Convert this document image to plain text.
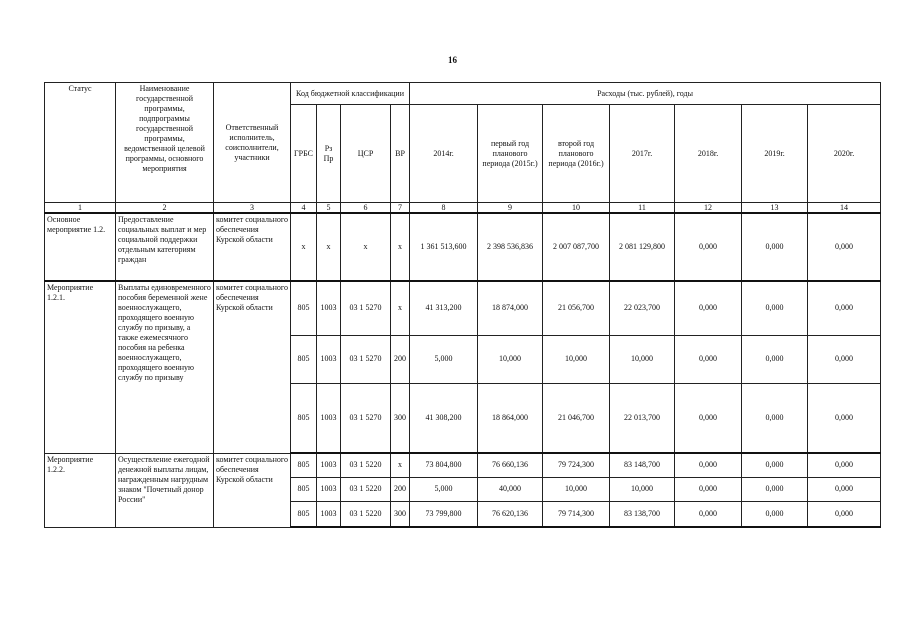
16
Статус	Наименование государственной программы, подпрограммы государственной программы, ведомственной целевой программы, основного мероприятия	Ответственный исполнитель, соисполнители, участники	Код бюджетной классификации				Расходы (тыс. рублей), годы						
			ГРБС	Рз Пр	ЦСР	ВР	2014г.	первый год планового периода (2015г.)	второй год планового периода (2016г.)	2017г.	2018г.	2019г.	2020г.
1	2	3	4	5	6	7	8	9	10	11	12	13	14
Основное мероприятие 1.2.	Предоставление социальных выплат и мер социальной поддержки отдельным категориям граждан	комитет социального обеспечения Курской области	х	х	х	х	1 361 513,600	2 398 536,836	2 007 087,700	2 081 129,800	0,000	0,000	0,000
Мероприятие 1.2.1.	Выплаты единовременного пособия беременной жене военнослужащего, проходящего военную службу по призыву, а также ежемесячного пособия на ребенка военнослужащего, проходящего военную службу по призыву	комитет социального обеспечения Курской области	805	1003	03 1 5270	х	41 313,200	18 874,000	21 056,700	22 023,700	0,000	0,000	0,000
			805	1003	03 1 5270	200	5,000	10,000	10,000	10,000	0,000	0,000	0,000
			805	1003	03 1 5270	300	41 308,200	18 864,000	21 046,700	22 013,700	0,000	0,000	0,000
Мероприятие 1.2.2.	Осуществление ежегодной денежной выплаты лицам, награжденным нагрудным знаком "Почетный донор России"	комитет социального обеспечения Курской области	805	1003	03 1 5220	х	73 804,800	76 660,136	79 724,300	83 148,700	0,000	0,000	0,000
			805	1003	03 1 5220	200	5,000	40,000	10,000	10,000	0,000	0,000	0,000
			805	1003	03 1 5220	300	73 799,800	76 620,136	79 714,300	83 138,700	0,000	0,000	0,000
